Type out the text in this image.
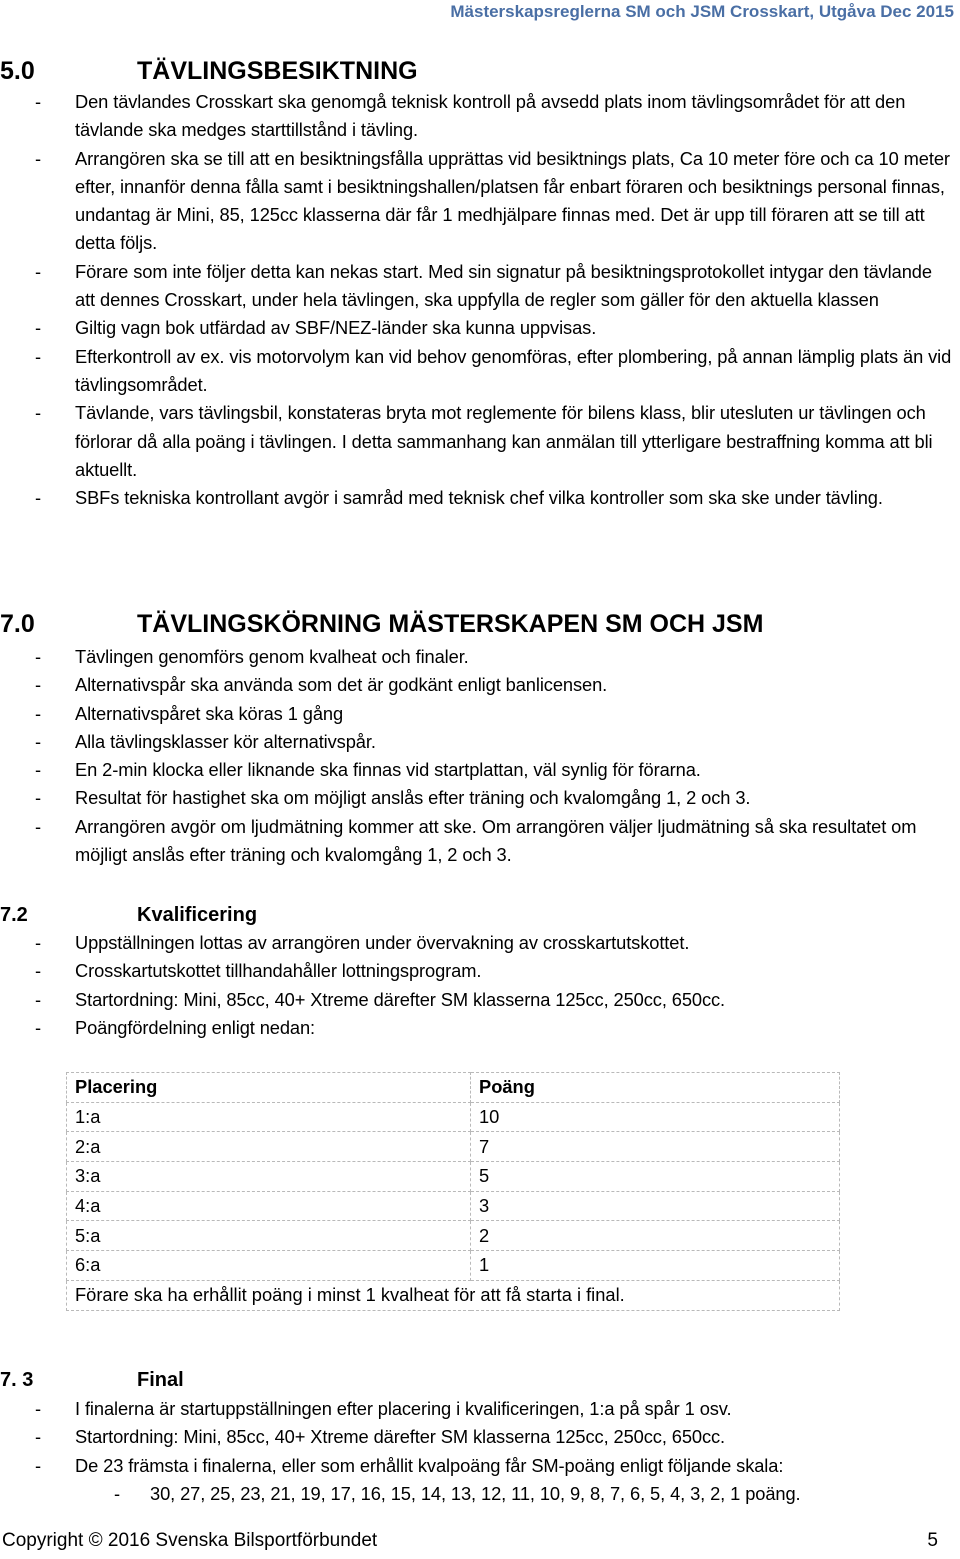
Mästerskapsreglerna SM och JSM Crosskart, Utgåva Dec 2015
5.0	TÄVLINGSBESIKTNING
- Den tävlandes Crosskart ska genomgå teknisk kontroll på avsedd plats inom tävlingsområdet för att den tävlande ska medges starttillstånd i tävling.
- Arrangören ska se till att en besiktningsfålla upprättas vid besiktnings plats, Ca 10 meter före och ca 10 meter efter, innanför denna fålla samt i besiktningshallen/platsen får enbart föraren och besiktnings personal finnas, undantag är Mini, 85, 125cc klasserna där får 1 medhjälpare finnas med. Det är upp till föraren att se till att detta följs.
- Förare som inte följer detta kan nekas start. Med sin signatur på besiktningsprotokollet intygar den tävlande att dennes Crosskart, under hela tävlingen, ska uppfylla de regler som gäller för den aktuella klassen
- Giltig vagn bok utfärdad av SBF/NEZ-länder ska kunna uppvisas.
- Efterkontroll av ex. vis motorvolym kan vid behov genomföras, efter plombering, på annan lämplig plats än vid tävlingsområdet.
- Tävlande, vars tävlingsbil, konstateras bryta mot reglemente för bilens klass, blir utesluten ur tävlingen och förlorar då alla poäng i tävlingen. I detta sammanhang kan anmälan till ytterligare bestraffning komma att bli aktuellt.
- SBFs tekniska kontrollant avgör i samråd med teknisk chef vilka kontroller som ska ske under tävling.
7.0	TÄVLINGSKÖRNING MÄSTERSKAPEN SM OCH JSM
- Tävlingen genomförs genom kvalheat och finaler.
- Alternativspår ska använda som det är godkänt enligt banlicensen.
- Alternativspåret ska köras 1 gång
- Alla tävlingsklasser kör alternativspår.
- En 2-min klocka eller liknande ska finnas vid startplattan, väl synlig för förarna.
- Resultat för hastighet ska om möjligt anslås efter träning och kvalomgång 1, 2 och 3.
- Arrangören avgör om ljudmätning kommer att ske. Om arrangören väljer ljudmätning så ska resultatet om möjligt anslås efter träning och kvalomgång 1, 2 och 3.
7.2	Kvalificering
- Uppställningen lottas av arrangören under övervakning av crosskartutskottet.
- Crosskartutskottet tillhandahåller lottningsprogram.
- Startordning: Mini, 85cc, 40+ Xtreme därefter SM klasserna 125cc, 250cc, 650cc.
- Poängfördelning enligt nedan:
Placering	Poäng
1:a	10
2:a	7
3:a	5
4:a	3
5:a	2
6:a	1
Förare ska ha erhållit poäng i minst 1 kvalheat för att få starta i final.	
7. 3	Final
- I finalerna är startuppställningen efter placering i kvalificeringen, 1:a på spår 1 osv.
- Startordning: Mini, 85cc, 40+ Xtreme därefter SM klasserna 125cc, 250cc, 650cc.
- De 23 främsta i finalerna, eller som erhållit kvalpoäng får SM-poäng enligt följande skala:
- 30, 27, 25, 23, 21, 19, 17, 16, 15, 14, 13, 12, 11, 10, 9, 8, 7, 6, 5, 4, 3, 2, 1 poäng.
Copyright © 2016 Svenska Bilsportförbundet	5
